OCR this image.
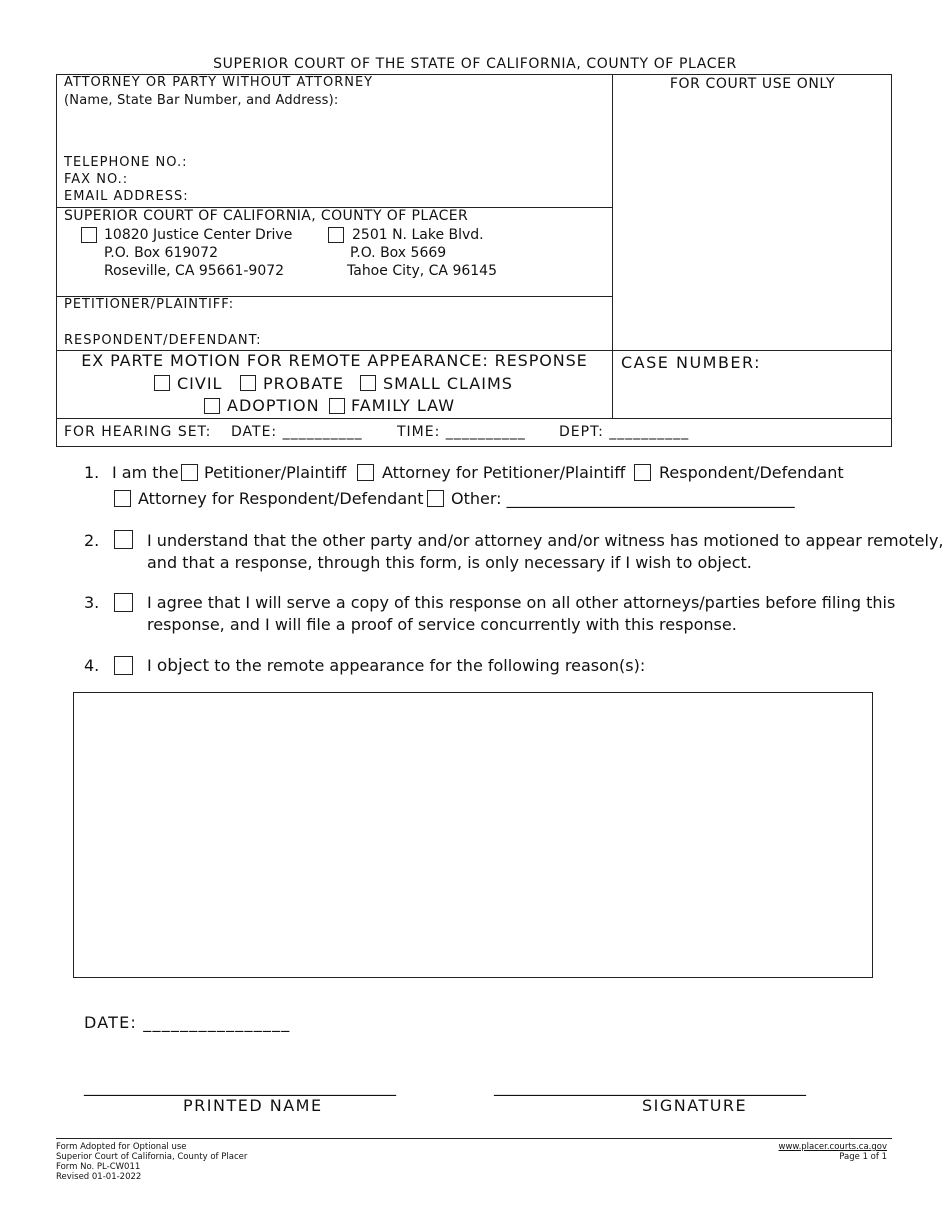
SUPERIOR COURT OF THE STATE OF CALIFORNIA, COUNTY OF PLACER
ATTORNEY OR PARTY WITHOUT ATTORNEY
(Name, State Bar Number, and Address):
TELEPHONE NO.:
FAX NO.:
EMAIL ADDRESS:
FOR COURT USE ONLY
SUPERIOR COURT OF CALIFORNIA, COUNTY OF PLACER
10820 Justice Center Drive
P.O. Box 619072
Roseville, CA 95661-9072
2501 N. Lake Blvd.
P.O. Box 5669
Tahoe City, CA 96145
PETITIONER/PLAINTIFF:
RESPONDENT/DEFENDANT:
EX PARTE MOTION FOR REMOTE APPEARANCE: RESPONSE
CIVIL	PROBATE SMALL CLAIMS
ADOPTION FAMILY LAW
CASE NUMBER:
FOR HEARING SET: DATE: __________ TIME: __________ DEPT: __________
1. I am the Petitioner/Plaintiff Attorney for Petitioner/Plaintiff Respondent/Defendant
Attorney for Respondent/Defendant Other: ____________________________________
2.	I understand that the other party and/or attorney and/or witness has motioned to appear remotely,
and that a response, through this form, is only necessary if I wish to object.
3.	I agree that I will serve a copy of this response on all other attorneys/parties before filing this
response, and I will file a proof of service concurrently with this response.
4.	I object to the remote appearance for the following reason(s):
DATE: ________________
_______________________________________
PRINTED NAME
_______________________________________
SIGNATURE
Form Adopted for Optional use
Superior Court of California, County of Placer
Form No. PL-CW011
Revised 01-01-2022
www.placer.courts.ca.gov
Page 1 of 1
